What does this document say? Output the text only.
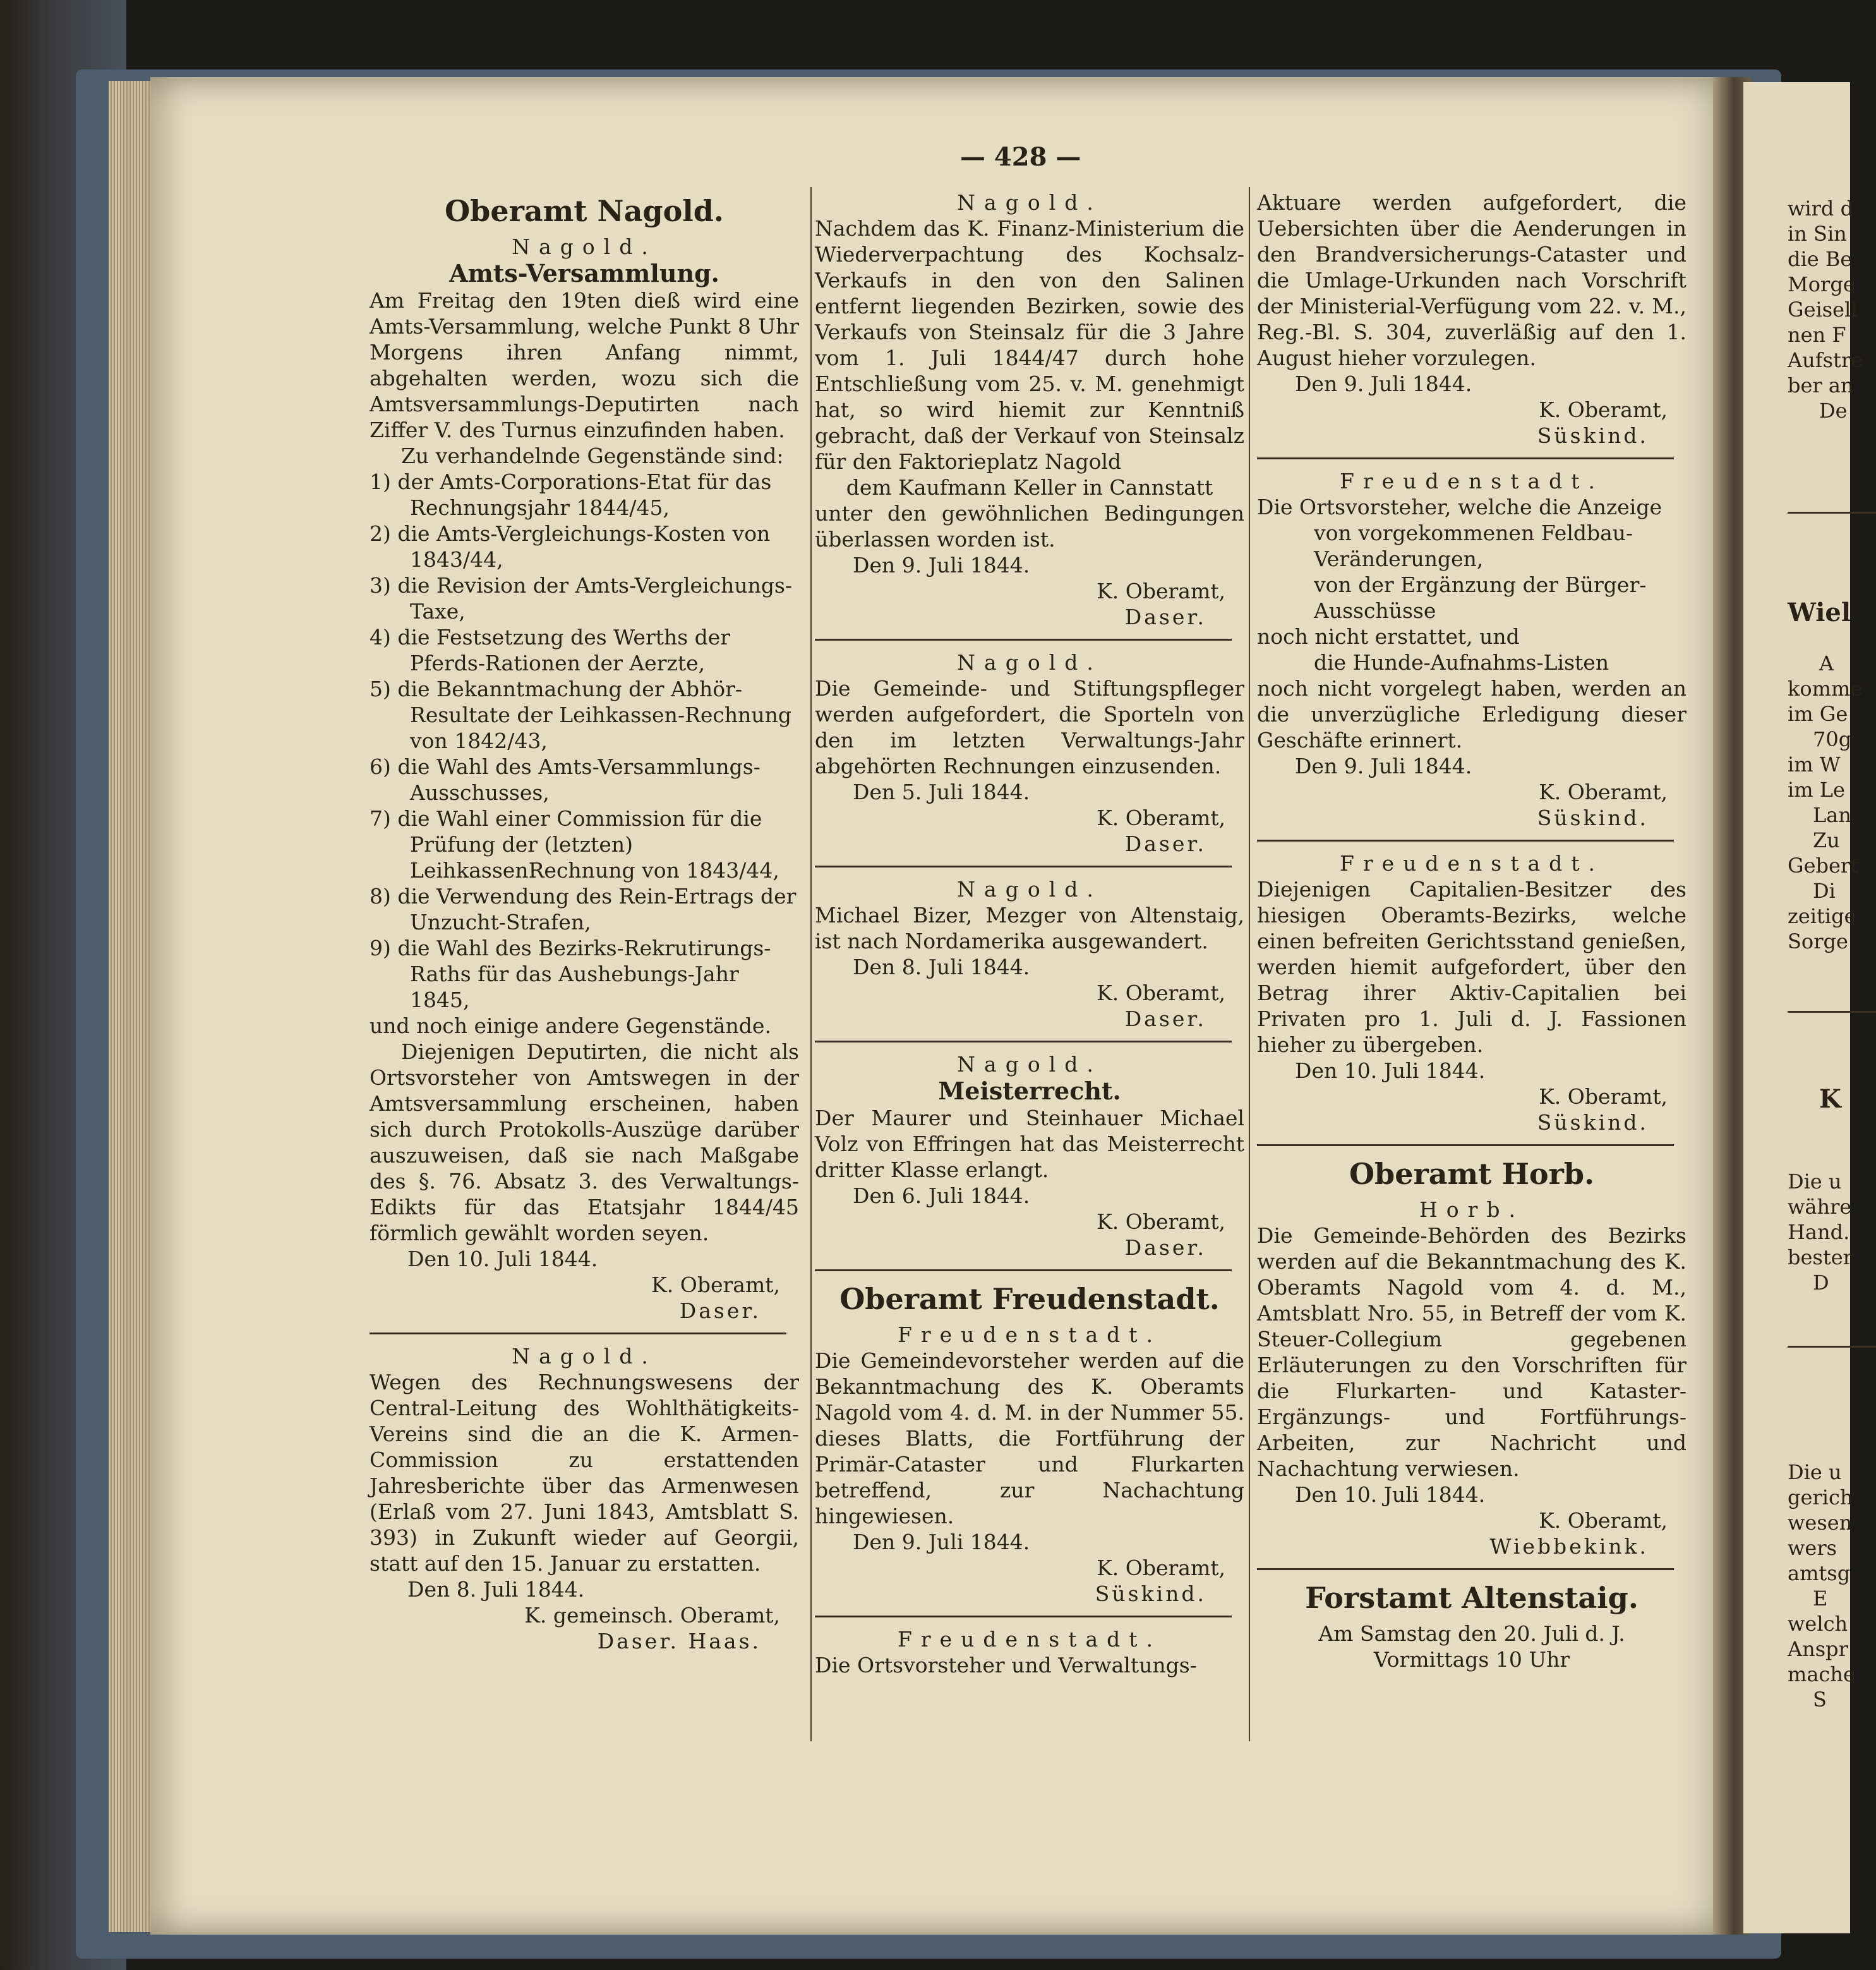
— 428 —
Oberamt Nagold.
Nagold.
Amts-Versammlung.

Am Freitag den 19ten dieß wird eine Amts-Versammlung, welche Punkt 8 Uhr Morgens ihren Anfang nimmt, abgehalten werden, wozu sich die Amtsversammlungs-Deputirten nach Ziffer V. des Turnus einzufinden haben.

Zu verhandelnde Gegenstände sind:

1) der Amts-Corporations-Etat für das Rechnungsjahr 1844/45,

2) die Amts-Vergleichungs-Kosten von 1843/44,

3) die Revision der Amts-Vergleichungs-Taxe,

4) die Festsetzung des Werths der Pferds-Rationen der Aerzte,

5) die Bekanntmachung der Abhör-Resultate der Leihkassen-Rechnung von 1842/43,

6) die Wahl des Amts-Versammlungs-Ausschusses,

7) die Wahl einer Commission für die Prüfung der (letzten) LeihkassenRechnung von 1843/44,

8) die Verwendung des Rein-Ertrags der Unzucht-Strafen,

9) die Wahl des Bezirks-Rekrutirungs-Raths für das Aushebungs-Jahr 1845,

und noch einige andere Gegenstände.

Diejenigen Deputirten, die nicht als Ortsvorsteher von Amtswegen in der Amtsversammlung erscheinen, haben sich durch Protokolls-Auszüge darüber auszuweisen, daß sie nach Maßgabe des §. 76. Absatz 3. des Verwaltungs-Edikts für das Etatsjahr 1844/45 förmlich gewählt worden seyen.

Den 10. Juli 1844.
K. Oberamt,
Daser.
Nagold.

Wegen des Rechnungswesens der Central-Leitung des Wohlthätigkeits-Vereins sind die an die K. Armen-Commission zu erstattenden Jahresberichte über das Armenwesen (Erlaß vom 27. Juni 1843, Amtsblatt S. 393) in Zukunft wieder auf Georgii, statt auf den 15. Januar zu erstatten.

Den 8. Juli 1844.
K. gemeinsch. Oberamt,
Daser. Haas.
Nagold.

Nachdem das K. Finanz-Ministerium die Wiederverpachtung des Kochsalz-Verkaufs in den von den Salinen entfernt liegenden Bezirken, sowie des Verkaufs von Steinsalz für die 3 Jahre vom 1. Juli 1844/47 durch hohe Entschließung vom 25. v. M. genehmigt hat, so wird hiemit zur Kenntniß gebracht, daß der Verkauf von Steinsalz für den Faktorieplatz Nagold

dem Kaufmann Keller in Cannstatt

unter den gewöhnlichen Bedingungen überlassen worden ist.

Den 9. Juli 1844.
K. Oberamt,
Daser.
Nagold.

Die Gemeinde- und Stiftungspfleger werden aufgefordert, die Sporteln von den im letzten Verwaltungs-Jahr abgehörten Rechnungen einzusenden.

Den 5. Juli 1844.
K. Oberamt,
Daser.
Nagold.

Michael Bizer, Mezger von Altenstaig, ist nach Nordamerika ausgewandert.

Den 8. Juli 1844.
K. Oberamt,
Daser.
Nagold.
Meisterrecht.

Der Maurer und Steinhauer Michael Volz von Effringen hat das Meisterrecht dritter Klasse erlangt.

Den 6. Juli 1844.
K. Oberamt,
Daser.
Oberamt Freudenstadt.
Freudenstadt.

Die Gemeindevorsteher werden auf die Bekanntmachung des K. Oberamts Nagold vom 4. d. M. in der Nummer 55. dieses Blatts, die Fortführung der Primär-Cataster und Flurkarten betreffend, zur Nachachtung hingewiesen.

Den 9. Juli 1844.
K. Oberamt,
Süskind.
Freudenstadt.

Die Ortsvorsteher und Verwaltungs-

Aktuare werden aufgefordert, die Uebersichten über die Aenderungen in den Brandversicherungs-Cataster und die Umlage-Urkunden nach Vorschrift der Ministerial-Verfügung vom 22. v. M., Reg.-Bl. S. 304, zuverläßig auf den 1. August hieher vorzulegen.

Den 9. Juli 1844.
K. Oberamt,
Süskind.
Freudenstadt.

Die Ortsvorsteher, welche die Anzeige

von vorgekommenen Feldbau-Veränderungen,

von der Ergänzung der Bürger-Ausschüsse

noch nicht erstattet, und

die Hunde-Aufnahms-Listen

noch nicht vorgelegt haben, werden an die unverzügliche Erledigung dieser Geschäfte erinnert.

Den 9. Juli 1844.
K. Oberamt,
Süskind.
Freudenstadt.

Diejenigen Capitalien-Besitzer des hiesigen Oberamts-Bezirks, welche einen befreiten Gerichtsstand genießen, werden hiemit aufgefordert, über den Betrag ihrer Aktiv-Capitalien bei Privaten pro 1. Juli d. J. Fassionen hieher zu übergeben.

Den 10. Juli 1844.
K. Oberamt,
Süskind.
Oberamt Horb.
Horb.

Die Gemeinde-Behörden des Bezirks werden auf die Bekanntmachung des K. Oberamts Nagold vom 4. d. M., Amtsblatt Nro. 55, in Betreff der vom K. Steuer-Collegium gegebenen Erläuterungen zu den Vorschriften für die Flurkarten- und Kataster-Ergänzungs- und Fortführungs-Arbeiten, zur Nachricht und Nachachtung verwiesen.

Den 10. Juli 1844.
K. Oberamt,
Wiebbekink.
Forstamt Altenstaig.

Am Samstag den 20. Juli d. J.

Vormittags 10 Uhr

wird d
in Sin
die Be
Morge
Geisell
nen F
Aufstre
ber an
De
Wiel
A
komme
im Ge
70g
im W
im Le
Lan
Zu
Gebert
Di
zeitige
Sorge
K
Die u
währe
Hand.
bester
D
Die u
gerich
wesen
wers
amtsg
E
welch
Anspr
mache
S
